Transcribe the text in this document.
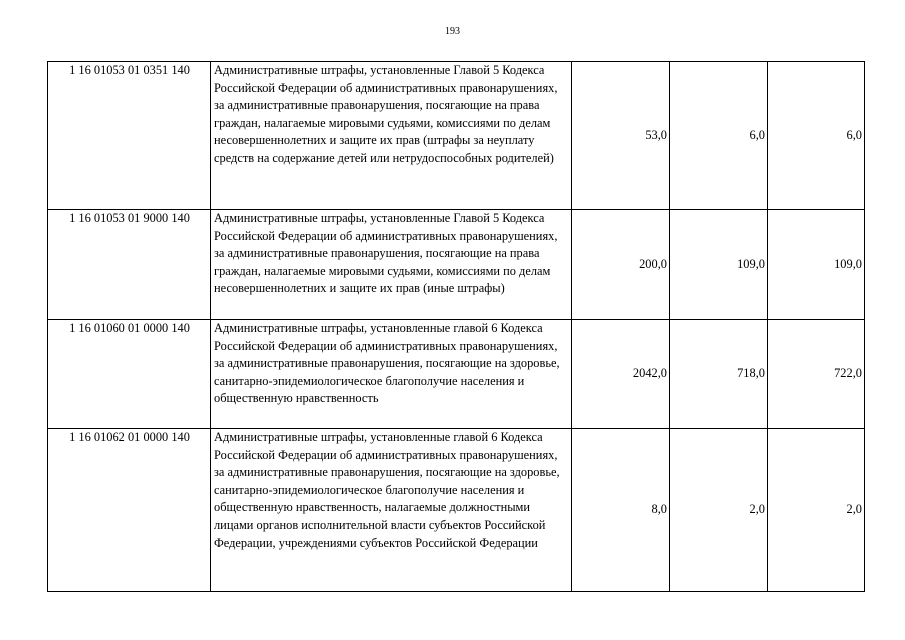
193
1 16 01053 01 0351 140	Административные штрафы, установленные Главой 5 Кодекса Российской Федерации об административных правонарушениях, за административные правонарушения, посягающие на права граждан, налагаемые мировыми судьями, комиссиями по делам несовершеннолетних и защите их прав (штрафы за неуплату средств на содержание детей или нетрудоспособных родителей)	53,0	6,0	6,0
1 16 01053 01 9000 140	Административные штрафы, установленные Главой 5 Кодекса Российской Федерации об административных правонарушениях, за административные правонарушения, посягающие на права граждан, налагаемые мировыми судьями, комиссиями по делам несовершеннолетних и защите их прав (иные штрафы)	200,0	109,0	109,0
1 16 01060 01 0000 140	Административные штрафы, установленные главой 6 Кодекса Российской Федерации об административных правонарушениях, за административные правонарушения, посягающие на здоровье, санитарно-эпидемиологическое благополучие населения и общественную нравственность	2042,0	718,0	722,0
1 16 01062 01 0000 140	Административные штрафы, установленные главой 6 Кодекса Российской Федерации об административных правонарушениях, за административные правонарушения, посягающие на здоровье, санитарно-эпидемиологическое благополучие населения и общественную нравственность, налагаемые должностными лицами органов исполнительной власти субъектов Российской Федерации, учреждениями субъектов Российской Федерации	8,0	2,0	2,0
